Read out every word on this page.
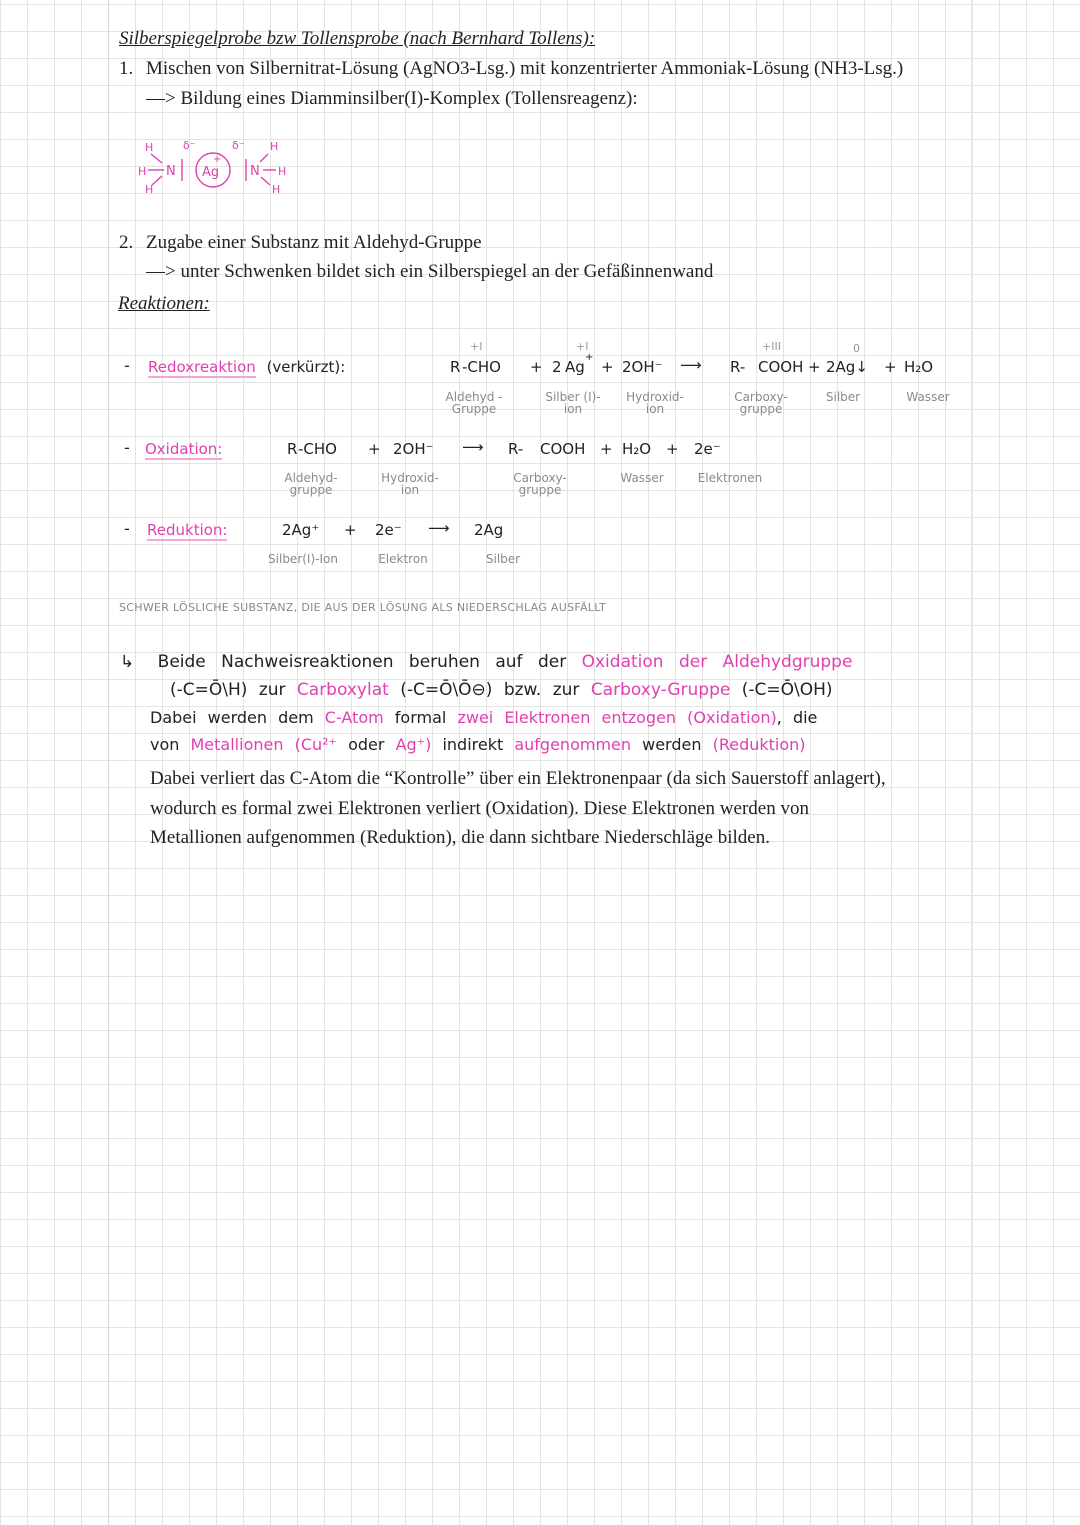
Silberspiegelprobe bzw Tollensprobe (nach Bernhard Tollens):
1. Mischen von Silbernitrat-Lösung (AgNO3-Lsg.) mit konzentrierter Ammoniak-Lösung (NH3-Lsg.)
—> Bildung eines Diamminsilber(I)-Komplex (Tollensreagenz):
H
H
H
N
δ⁻	δ⁻
Ag
+
N
H
H
H
2. Zugabe einer Substanz mit Aldehyd-Gruppe
—> unter Schwenken bildet sich ein Silberspiegel an der Gefäßinnenwand
Reaktionen:
- Redoxreaktion (verkürzt):
+I	+I	+III	0
R -CHO + 2 Ag
+
+ 2OH⁻ ⟶ R- COOH + 2Ag↓ + H₂O
Aldehyd -Gruppe
Silber (I)- ion
Hydroxid- ion
Carboxy- gruppe
Silber	Wasser
- Oxidation:	R -CHO + 2OH⁻ ⟶ R- COOH + H₂O + 2e⁻
Aldehyd- gruppe
Hydroxid- ion
Carboxy- gruppe
Wasser	Elektronen
- Reduktion:	2Ag⁺ + 2e⁻ ⟶ 2Ag
Silber(I)-Ion	Elektron	Silber
SCHWER LÖSLICHE SUBSTANZ, DIE AUS DER LÖSUNG ALS NIEDERSCHLAG AUSFÄLLT
↳ Beide Nachweisreaktionen beruhen auf der Oxidation der Aldehydgruppe
(-C=Ō\H) zur Carboxylat (-C=Ō\Ō⊖) bzw. zur Carboxy-Gruppe (-C=Ō\OH)
Dabei werden dem C-Atom formal zwei Elektronen entzogen (Oxidation), die
von Metallionen (Cu²⁺ oder Ag⁺) indirekt aufgenommen werden (Reduktion)
Dabei verliert das C-Atom die “Kontrolle” über ein Elektronenpaar (da sich Sauerstoff anlagert),
wodurch es formal zwei Elektronen verliert (Oxidation). Diese Elektronen werden von
Metallionen aufgenommen (Reduktion), die dann sichtbare Niederschläge bilden.
